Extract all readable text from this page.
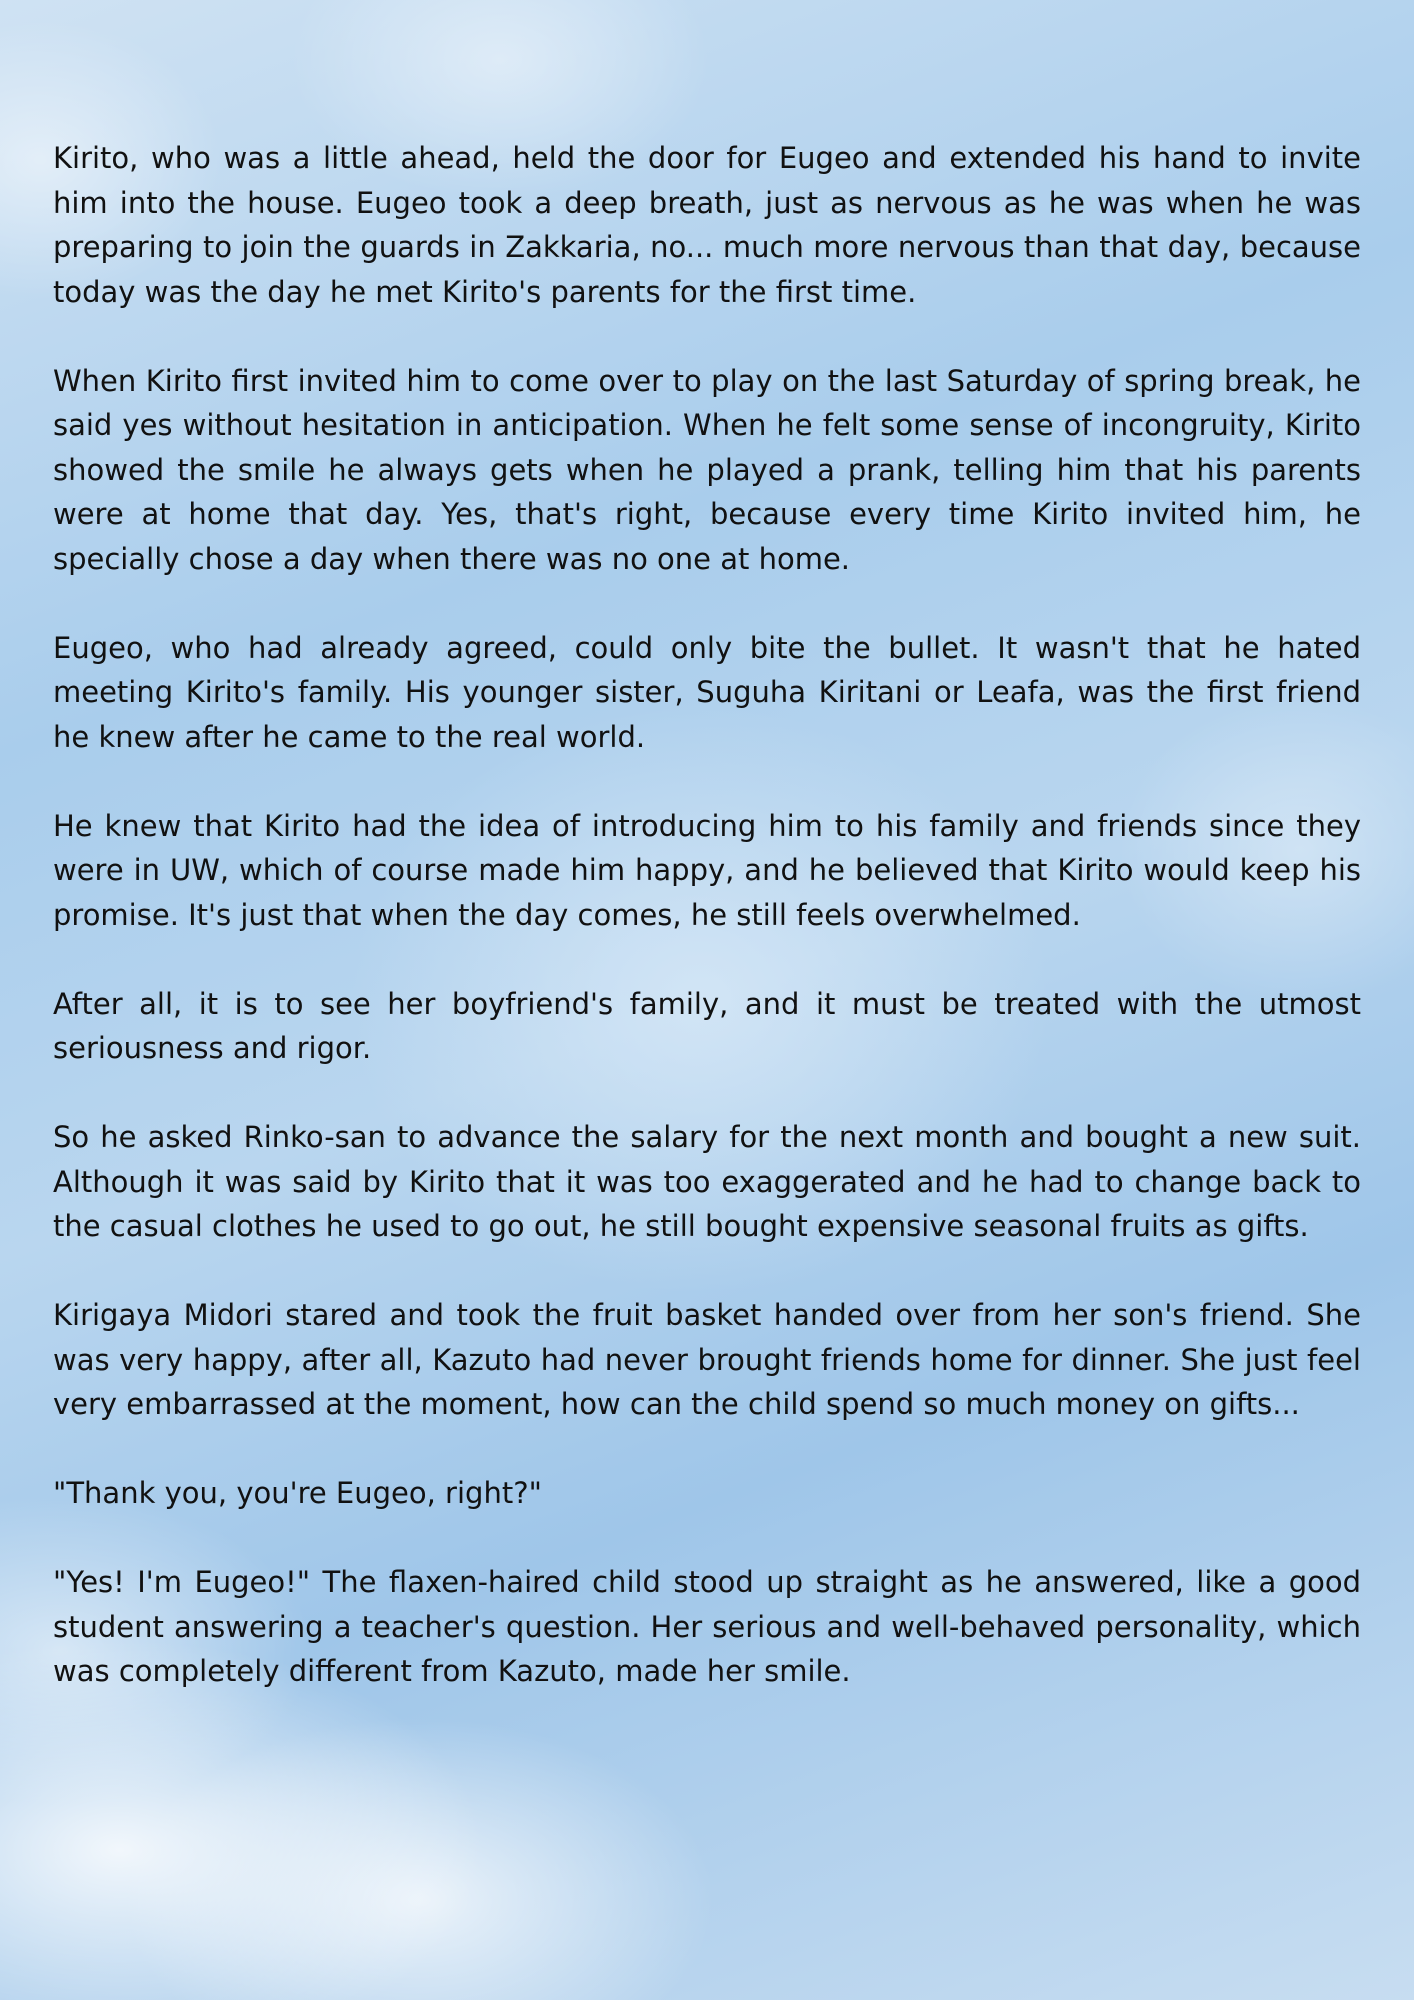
Kirito, who was a little ahead, held the door for Eugeo and extended his hand to invite him into the house. Eugeo took a deep breath, just as nervous as he was when he was preparing to join the guards in Zakkaria, no... much more nervous than that day, because today was the day he met Kirito's parents for the first time.

When Kirito first invited him to come over to play on the last Saturday of spring break, he said yes without hesitation in anticipation. When he felt some sense of incongruity, Kirito showed the smile he always gets when he played a prank, telling him that his parents were at home that day. Yes, that's right, because every time Kirito invited him, he specially chose a day when there was no one at home.

Eugeo, who had already agreed, could only bite the bullet. It wasn't that he hated meeting Kirito's family. His younger sister, Suguha Kiritani or Leafa, was the first friend he knew after he came to the real world.

He knew that Kirito had the idea of introducing him to his family and friends since they were in UW, which of course made him happy, and he believed that Kirito would keep his promise. It's just that when the day comes, he still feels overwhelmed.

After all, it is to see her boyfriend's family, and it must be treated with the utmost seriousness and rigor.

So he asked Rinko-san to advance the salary for the next month and bought a new suit. Although it was said by Kirito that it was too exaggerated and he had to change back to the casual clothes he used to go out, he still bought expensive seasonal fruits as gifts.

Kirigaya Midori stared and took the fruit basket handed over from her son's friend. She was very happy, after all, Kazuto had never brought friends home for dinner. She just feel very embarrassed at the moment, how can the child spend so much money on gifts...

"Thank you, you're Eugeo, right?"

"Yes! I'm Eugeo!" The flaxen-haired child stood up straight as he answered, like a good student answering a teacher's question. Her serious and well-behaved personality, which was completely different from Kazuto, made her smile.
